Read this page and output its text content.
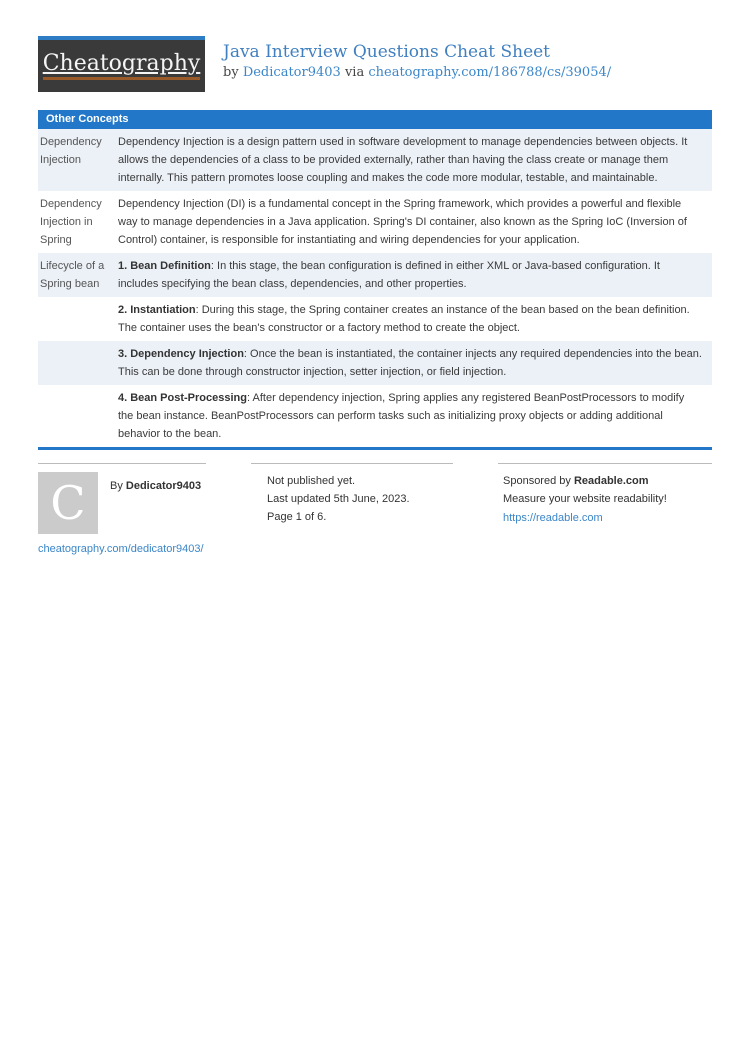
Cheatography Java Interview Questions Cheat Sheet
by Dedicator9403 via cheatography.com/186788/cs/39054/
Other Concepts
Dependency Injection
Dependency Injection is a design pattern used in software development to manage dependencies between objects. It allows the dependencies of a class to be provided externally, rather than having the class create or manage them internally. This pattern promotes loose coupling and makes the code more modular, testable, and maintainable.
Dependency Injection in Spring
Dependency Injection (DI) is a fundamental concept in the Spring framework, which provides a powerful and flexible way to manage dependencies in a Java application. Spring's DI container, also known as the Spring IoC (Inversion of Control) container, is responsible for instantiating and wiring dependencies for your application.
Lifecycle of a Spring bean
1. Bean Definition: In this stage, the bean configuration is defined in either XML or Java-based configuration. It includes specifying the bean class, dependencies, and other properties.
2. Instantiation: During this stage, the Spring container creates an instance of the bean based on the bean definition. The container uses the bean's constructor or a factory method to create the object.
3. Dependency Injection: Once the bean is instantiated, the container injects any required dependencies into the bean. This can be done through constructor injection, setter injection, or field injection.
4. Bean Post-Processing: After dependency injection, Spring applies any registered BeanPostProcessors to modify the bean instance. BeanPostProcessors can perform tasks such as initializing proxy objects or adding additional behavior to the bean.
C	By Dedicator9403
cheatography.com/dedicator9403/
Not published yet.
Last updated 5th June, 2023.
Page 1 of 6.
Sponsored by Readable.com
Measure your website readability!
https://readable.com
